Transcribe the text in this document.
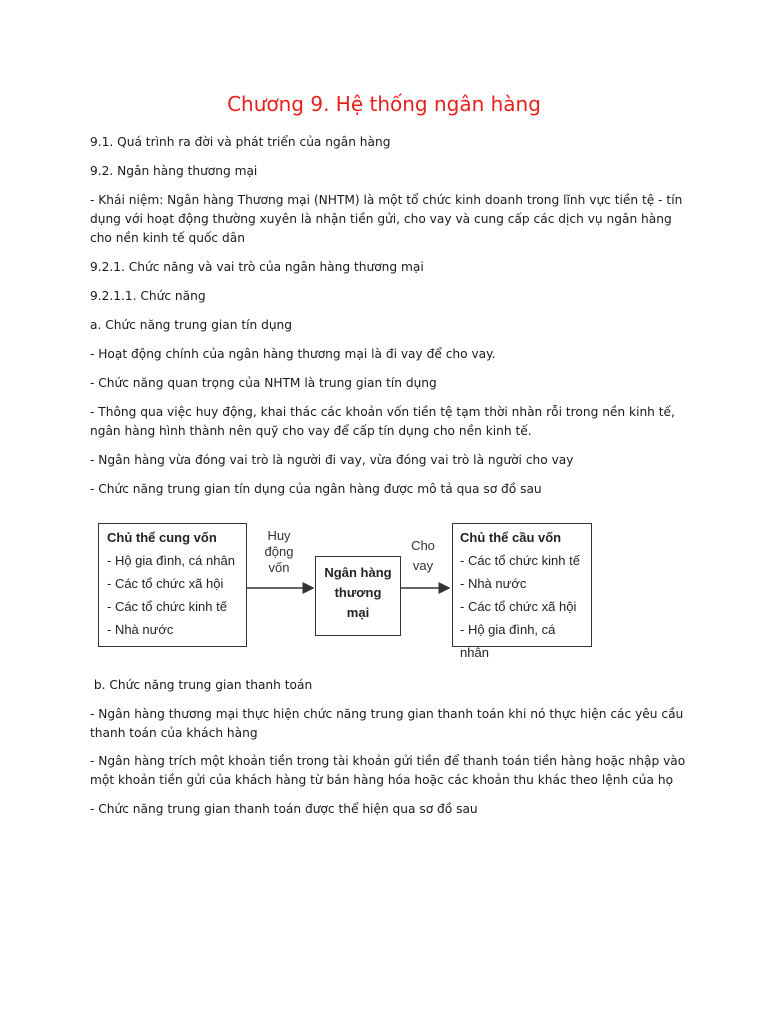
Chương 9. Hệ thống ngân hàng

9.1. Quá trình ra đời và phát triển của ngân hàng

9.2. Ngân hàng thương mại

- Khái niệm: Ngân hàng Thương mại (NHTM) là một tổ chức kinh doanh trong lĩnh vực tiền tệ - tín dụng với hoạt động thường xuyên là nhận tiền gửi, cho vay và cung cấp các dịch vụ ngân hàng cho nền kinh tế quốc dân

9.2.1. Chức năng và vai trò của ngân hàng thương mại

9.2.1.1. Chức năng

a. Chức năng trung gian tín dụng

- Hoạt động chính của ngân hàng thương mại là đi vay để cho vay.

- Chức năng quan trọng của NHTM là trung gian tín dụng

- Thông qua việc huy động, khai thác các khoản vốn tiền tệ tạm thời nhàn rỗi trong nền kinh tế, ngân hàng hình thành nên quỹ cho vay để cấp tín dụng cho nền kinh tế.

- Ngân hàng vừa đóng vai trò là người đi vay, vừa đóng vai trò là người cho vay

- Chức năng trung gian tín dụng của ngân hàng được mô tả qua sơ đồ sau

Chủ thể cung vốn
- Hộ gia đình, cá nhân
- Các tổ chức xã hội
- Các tổ chức kinh tế
- Nhà nước
Huy
động
vốn	Ngân hàng
thương
mại
Cho
vay
Chủ thể cầu vốn
- Các tổ chức kinh tế
- Nhà nước
- Các tổ chức xã hội
- Hộ gia đình, cá nhân

b. Chức năng trung gian thanh toán

- Ngân hàng thương mại thực hiện chức năng trung gian thanh toán khi nó thực hiện các yêu cầu thanh toán của khách hàng

- Ngân hàng trích một khoản tiền trong tài khoản gửi tiền để thanh toán tiền hàng hoặc nhập vào một khoản tiền gửi của khách hàng từ bán hàng hóa hoặc các khoản thu khác theo lệnh của họ

- Chức năng trung gian thanh toán được thể hiện qua sơ đồ sau
